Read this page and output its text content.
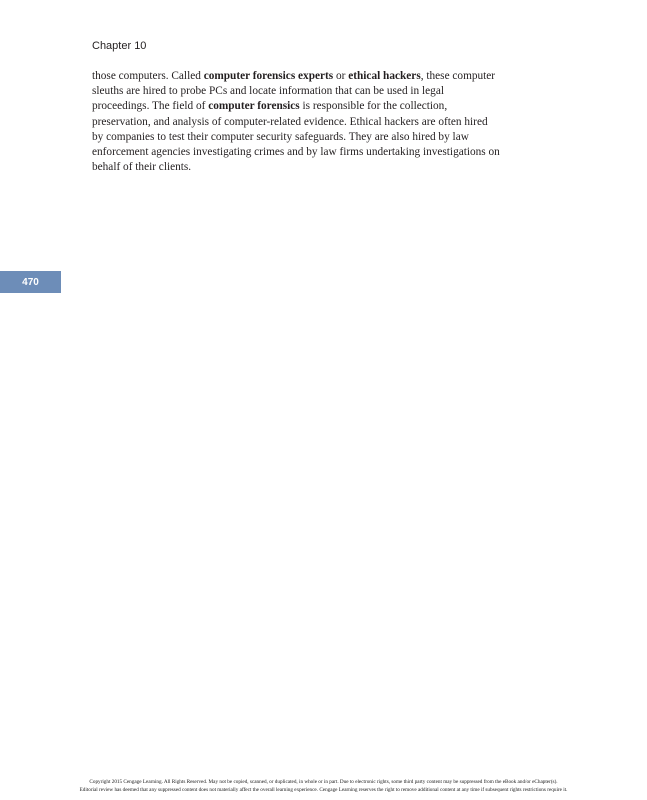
Chapter 10
those computers. Called computer forensics experts or ethical hackers, these computer
sleuths are hired to probe PCs and locate information that can be used in legal
proceedings. The field of computer forensics is responsible for the collection,
preservation, and analysis of computer-related evidence. Ethical hackers are often hired
by companies to test their computer security safeguards. They are also hired by law
enforcement agencies investigating crimes and by law firms undertaking investigations on
behalf of their clients.
470
Copyright 2015 Cengage Learning. All Rights Reserved. May not be copied, scanned, or duplicated, in whole or in part. Due to electronic rights, some third party content may be suppressed from the eBook and/or eChapter(s).
Editorial review has deemed that any suppressed content does not materially affect the overall learning experience. Cengage Learning reserves the right to remove additional content at any time if subsequent rights restrictions require it.
